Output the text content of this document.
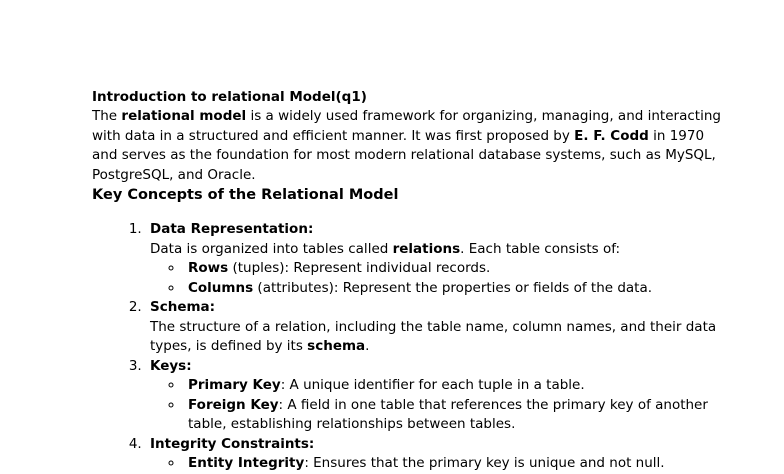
Introduction to relational Model(q1)

The relational model is a widely used framework for organizing, managing, and interacting with data in a structured and efficient manner. It was first proposed by E. F. Codd in 1970 and serves as the foundation for most modern relational database systems, such as MySQL, PostgreSQL, and Oracle.

Key Concepts of the Relational Model
1. Data Representation:
Data is organized into tables called relations. Each table consists of:
◦ Rows (tuples): Represent individual records.
◦ Columns (attributes): Represent the properties or fields of the data.
2. Schema:
The structure of a relation, including the table name, column names, and their data types, is defined by its schema.
3. Keys:
◦ Primary Key: A unique identifier for each tuple in a table.
◦ Foreign Key: A field in one table that references the primary key of another table, establishing relationships between tables.
4. Integrity Constraints:
◦ Entity Integrity: Ensures that the primary key is unique and not null.
